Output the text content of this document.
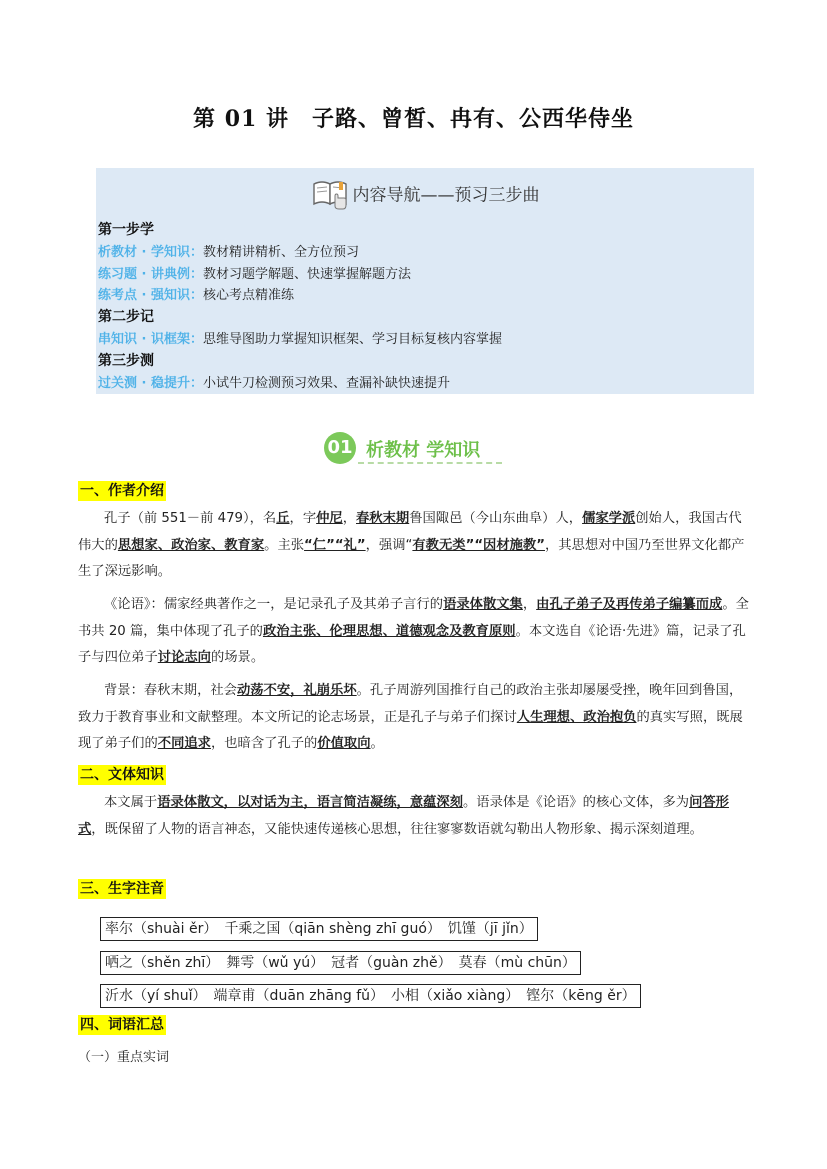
第 01 讲　子路、曾皙、冉有、公西华侍坐
内容导航——预习三步曲
第一步学
析教材 · 学知识：教材精讲精析、全方位预习
练习题 · 讲典例：教材习题学解题、快速掌握解题方法
练考点 · 强知识：核心考点精准练
第二步记
串知识 · 识框架：思维导图助力掌握知识框架、学习目标复核内容掌握
第三步测
过关测 · 稳提升：小试牛刀检测预习效果、查漏补缺快速提升
01 析教材 学知识
一、作者介绍
孔子（前 551－前 479），名丘，字仲尼，春秋末期鲁国陬邑（今山东曲阜）人，儒家学派创始人，我国古代伟大的思想家、政治家、教育家。主张“仁”“礼”，强调“有教无类”“因材施教”，其思想对中国乃至世界文化都产生了深远影响。
《论语》：儒家经典著作之一，是记录孔子及其弟子言行的语录体散文集，由孔子弟子及再传弟子编纂而成。全书共 20 篇，集中体现了孔子的政治主张、伦理思想、道德观念及教育原则。本文选自《论语·先进》篇，记录了孔子与四位弟子讨论志向的场景。
背景：春秋末期，社会动荡不安，礼崩乐坏。孔子周游列国推行自己的政治主张却屡屡受挫，晚年回到鲁国，致力于教育事业和文献整理。本文所记的论志场景，正是孔子与弟子们探讨人生理想、政治抱负的真实写照，既展现了弟子们的不同追求，也暗含了孔子的价值取向。
二、文体知识
本文属于语录体散文，以对话为主，语言简洁凝练，意蕴深刻。语录体是《论语》的核心文体，多为问答形式，既保留了人物的语言神态，又能快速传递核心思想，往往寥寥数语就勾勒出人物形象、揭示深刻道理。
三、生字注音
率尔（shuài ěr）　千乘之国（qiān shèng zhī guó）　饥馑（jī jǐn）
哂之（shěn zhī）　舞雩（wǔ yú）　冠者（guàn zhě）　莫春（mù chūn）
沂水（yí shuǐ）　端章甫（duān zhāng fǔ）　小相（xiǎo xiàng）　铿尔（kēng ěr）
四、词语汇总
（一）重点实词
